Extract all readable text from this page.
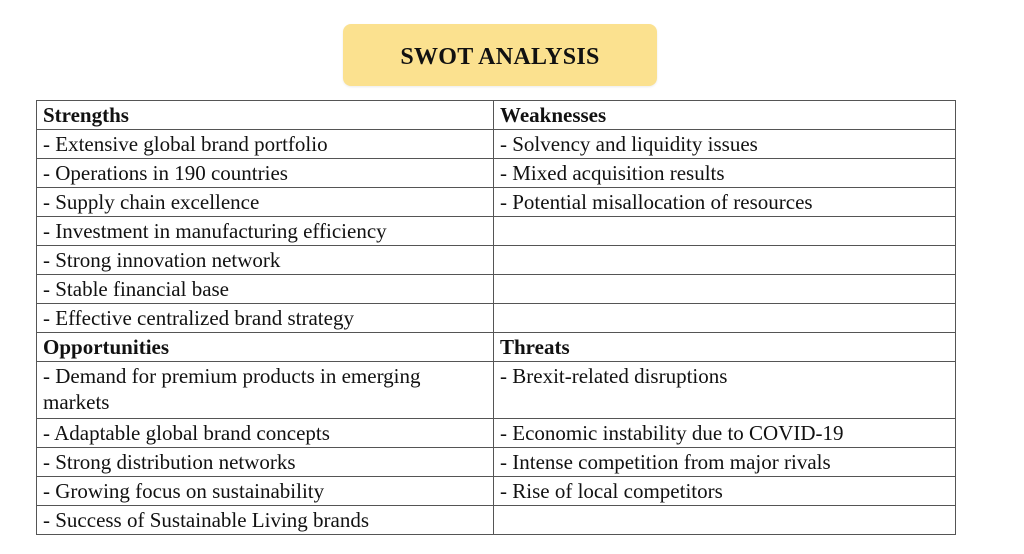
SWOT ANALYSIS
Strengths	Weaknesses
- Extensive global brand portfolio	- Solvency and liquidity issues
- Operations in 190 countries	- Mixed acquisition results
- Supply chain excellence	- Potential misallocation of resources
- Investment in manufacturing efficiency	
- Strong innovation network	
- Stable financial base	
- Effective centralized brand strategy	
Opportunities	Threats
- Demand for premium products in emerging markets	- Brexit-related disruptions
- Adaptable global brand concepts	- Economic instability due to COVID-19
- Strong distribution networks	- Intense competition from major rivals
- Growing focus on sustainability	- Rise of local competitors
- Success of Sustainable Living brands	
